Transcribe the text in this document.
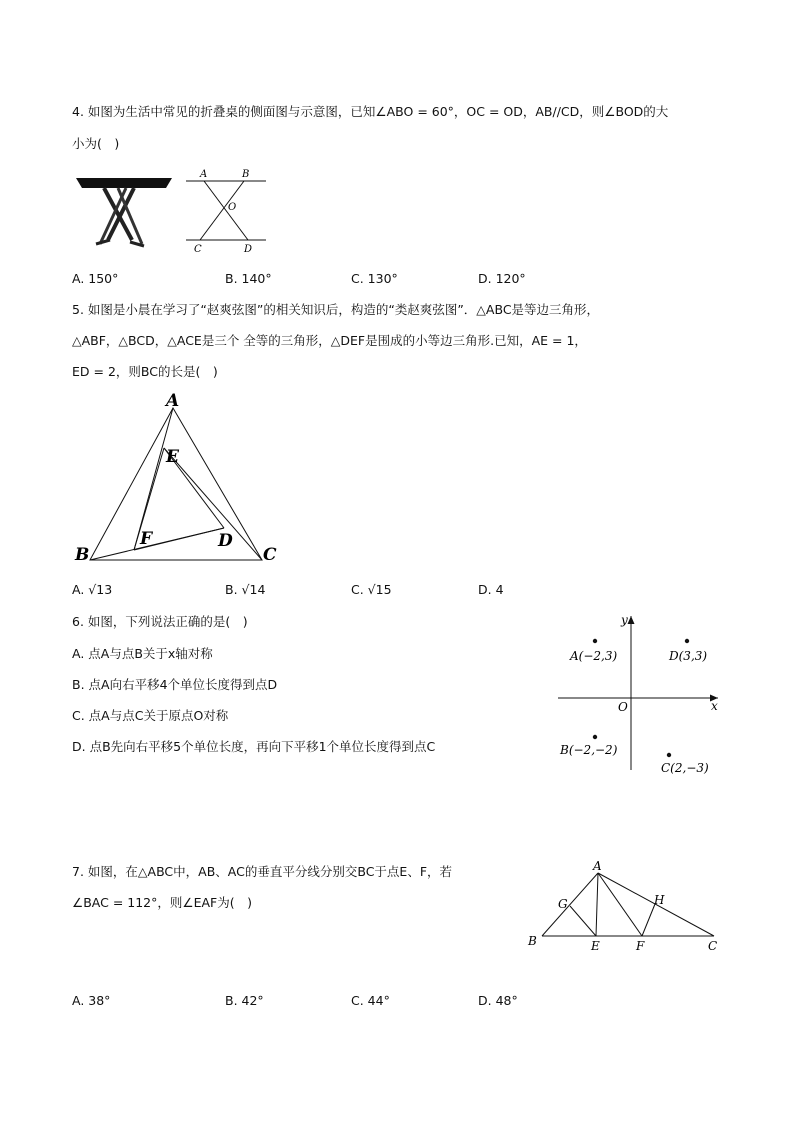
4. 如图为生活中常见的折叠桌的侧面图与示意图，已知∠ABO = 60°，OC = OD，AB//CD，则∠BOD的大
小为(　)
A	B
O
C	D
A. 150°	B. 140°	C. 130°	D. 120°
5. 如图是小晨在学习了“赵爽弦图”的相关知识后，构造的“类赵爽弦图”．△ABC是等边三角形，
△ABF，△BCD，△ACE是三个 全等的三角形，△DEF是围成的小等边三角形.已知，AE = 1，
ED = 2，则BC的长是(　)
A
E
F	D
B	C
A. √13	B. √14	C. √15	D. 4
6. 如图，下列说法正确的是(　)
A. 点A与点B关于x轴对称
B. 点A向右平移4个单位长度得到点D
C. 点A与点C关于原点O对称
D. 点B先向右平移5个单位长度，再向下平移1个单位长度得到点C
y
x
O
A(−2,3)	D(3,3)
B(−2,−2)
C(2,−3)
7. 如图，在△ABC中，AB、AC的垂直平分线分别交BC于点E、F，若
∠BAC = 112°，则∠EAF为(　)
A
G	H
B	E	F	C
A. 38°	B. 42°	C. 44°	D. 48°
